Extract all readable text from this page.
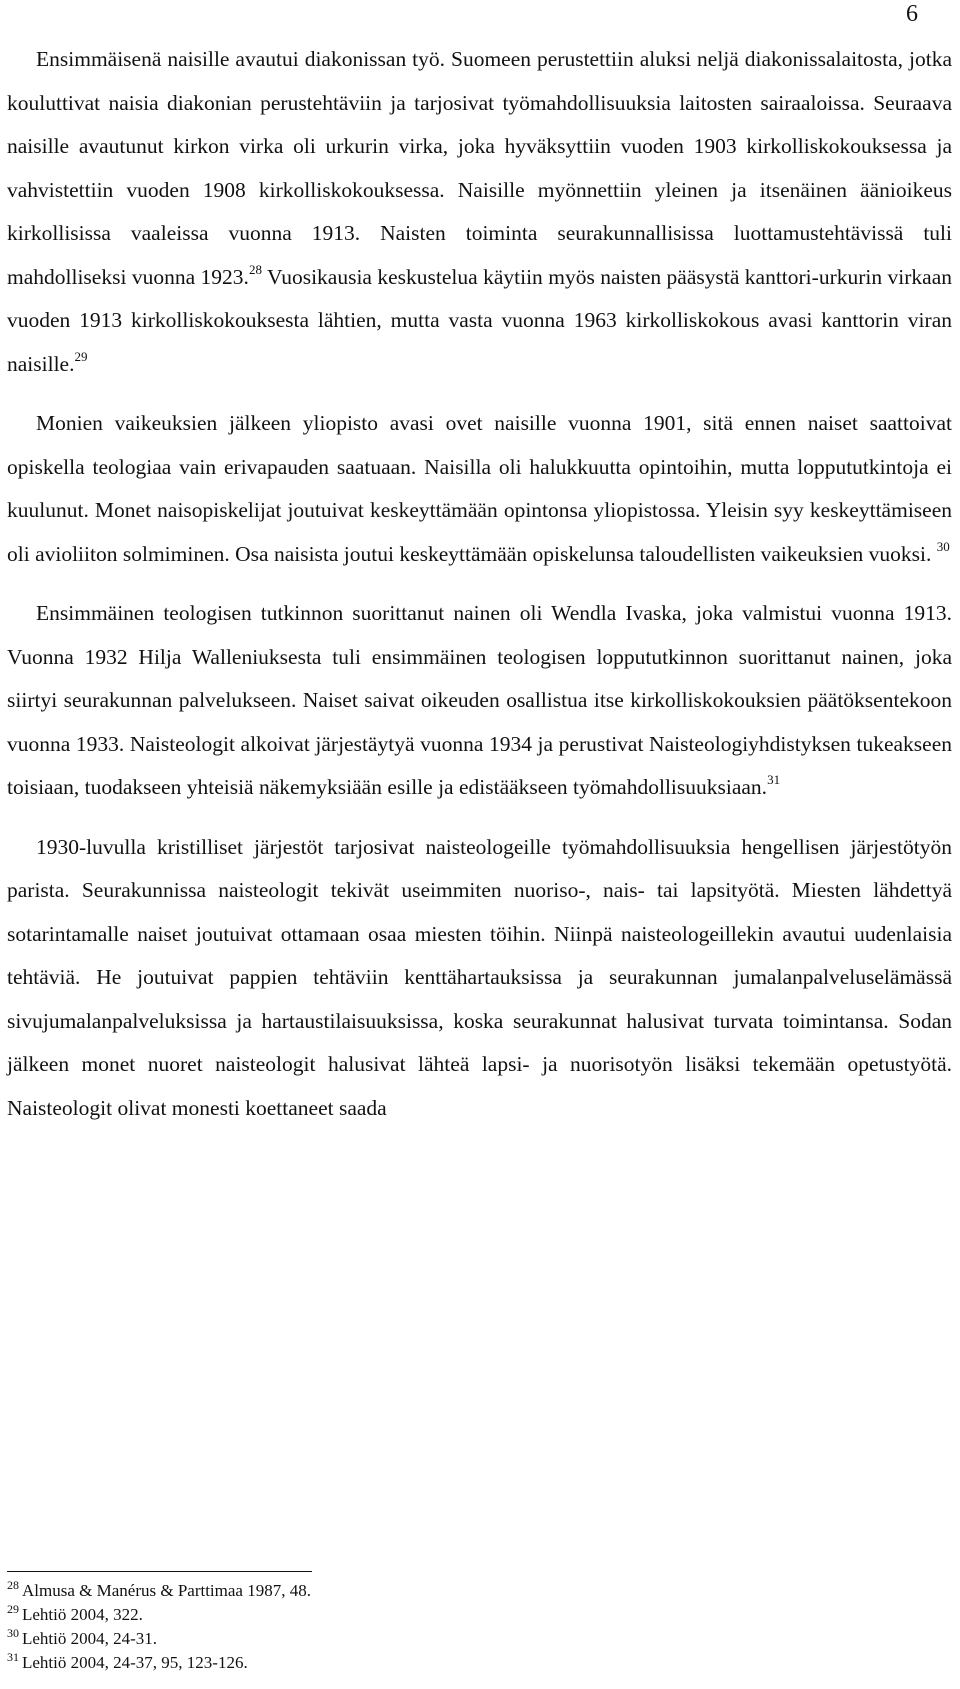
6

Ensimmäisenä naisille avautui diakonissan työ. Suomeen perustettiin aluksi neljä diakonissalaitosta, jotka kouluttivat naisia diakonian perustehtäviin ja tarjosivat työmahdollisuuksia laitosten sairaaloissa. Seuraava naisille avautunut kirkon virka oli urkurin virka, joka hyväksyttiin vuoden 1903 kirkolliskokouksessa ja vahvistettiin vuoden 1908 kirkolliskokouksessa. Naisille myönnettiin yleinen ja itsenäinen äänioikeus kirkollisissa vaaleissa vuonna 1913. Naisten toiminta seurakunnallisissa luottamustehtävissä tuli mahdolliseksi vuonna 1923.28 Vuosikausia keskustelua käytiin myös naisten pääsystä kanttori-urkurin virkaan vuoden 1913 kirkolliskokouksesta lähtien, mutta vasta vuonna 1963 kirkolliskokous avasi kanttorin viran naisille.$^{29}$

Monien vaikeuksien jälkeen yliopisto avasi ovet naisille vuonna 1901, sitä ennen naiset saattoivat opiskella teologiaa vain erivapauden saatuaan. Naisilla oli halukkuutta opintoihin, mutta loppututkintoja ei kuulunut. Monet naisopiskelijat joutuivat keskeyttämään opintonsa yliopistossa. Yleisin syy keskeyttämiseen oli avioliiton solmiminen. Osa naisista joutui keskeyttämään opiskelunsa taloudellisten vaikeuksien vuoksi. $^{30}$

Ensimmäinen teologisen tutkinnon suorittanut nainen oli Wendla Ivaska, joka valmistui vuonna 1913. Vuonna 1932 Hilja Walleniuksesta tuli ensimmäinen teologisen loppututkinnon suorittanut nainen, joka siirtyi seurakunnan palvelukseen. Naiset saivat oikeuden osallistua itse kirkolliskokouksien päätöksentekoon vuonna 1933. Naisteologit alkoivat järjestäytyä vuonna 1934 ja perustivat Naisteologiyhdistyksen tukeakseen toisiaan, tuodakseen yhteisiä näkemyksiään esille ja edistääkseen työmahdollisuuksiaan.$^{31}$

1930-luvulla kristilliset järjestöt tarjosivat naisteologeille työmahdollisuuksia hengellisen järjestötyön parista. Seurakunnissa naisteologit tekivät useimmiten nuoriso-, nais- tai lapsityötä. Miesten lähdettyä sotarintamalle naiset joutuivat ottamaan osaa miesten töihin. Niinpä naisteologeillekin avautui uudenlaisia tehtäviä. He joutuivat pappien tehtäviin kenttähartauksissa ja seurakunnan jumalanpalveluselämässä sivujumalanpalveluksissa ja hartaustilaisuuksissa, koska seurakunnat halusivat turvata toimintansa. Sodan jälkeen monet nuoret naisteologit halusivat lähteä lapsi- ja nuorisotyön lisäksi tekemään opetustyötä. Naisteologit olivat monesti koettaneet saada

$^{28}$ Almusa & Manérus & Parttimaa 1987, 48.

$^{29}$ Lehtiö 2004, 322.

$^{30}$ Lehtiö 2004, 24-31.

$^{31}$ Lehtiö 2004, 24-37, 95, 123-126.
